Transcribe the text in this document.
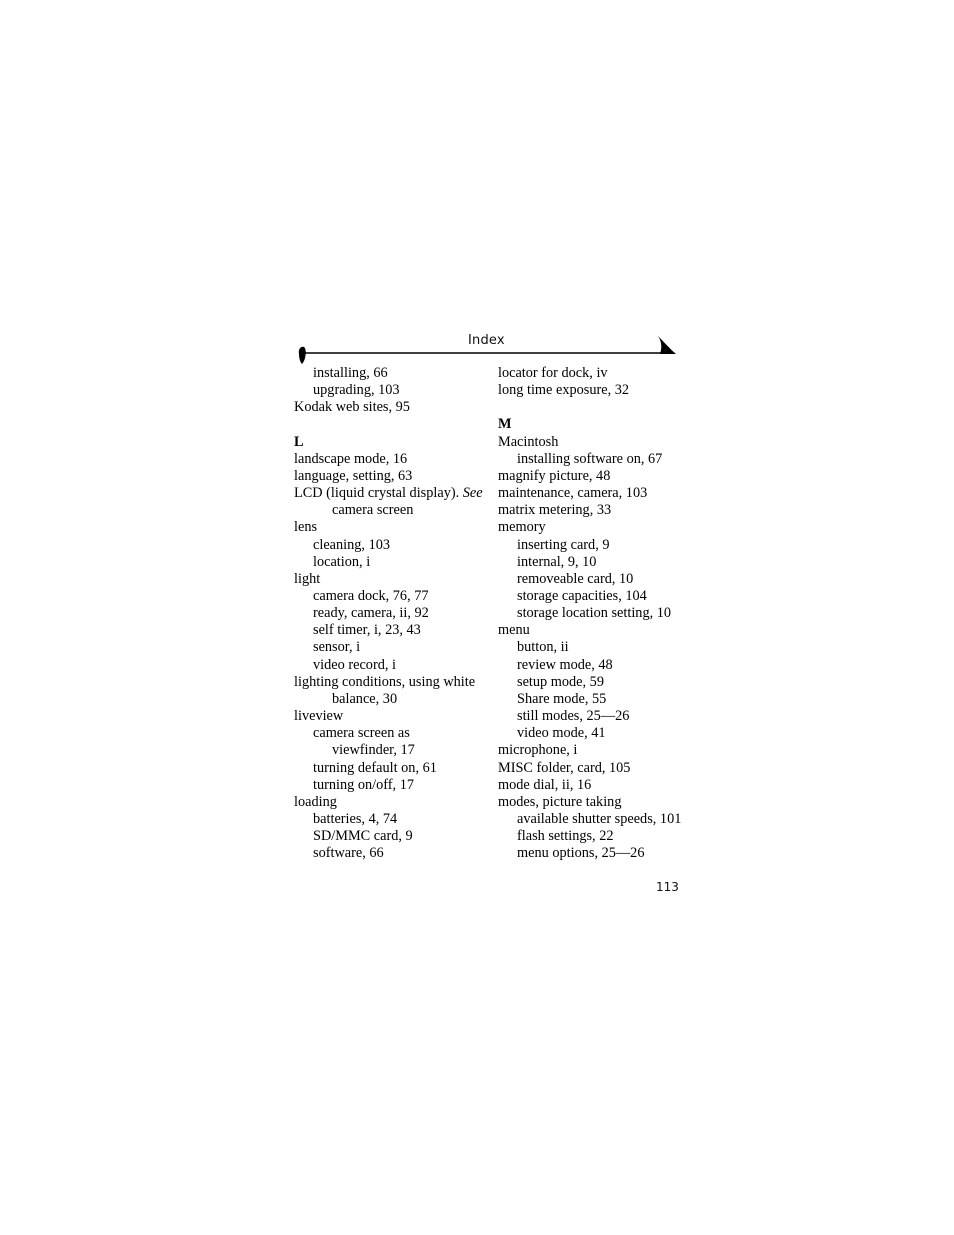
Index
installing, 66
upgrading, 103
Kodak web sites, 95
L
landscape mode, 16
language, setting, 63
LCD (liquid crystal display). See
camera screen
lens
cleaning, 103
location, i
light
camera dock, 76, 77
ready, camera, ii, 92
self timer, i, 23, 43
sensor, i
video record, i
lighting conditions, using white
balance, 30
liveview
camera screen as
viewfinder, 17
turning default on, 61
turning on/off, 17
loading
batteries, 4, 74
SD/MMC card, 9
software, 66
locator for dock, iv
long time exposure, 32
M
Macintosh
installing software on, 67
magnify picture, 48
maintenance, camera, 103
matrix metering, 33
memory
inserting card, 9
internal, 9, 10
removeable card, 10
storage capacities, 104
storage location setting, 10
menu
button, ii
review mode, 48
setup mode, 59
Share mode, 55
still modes, 25—26
video mode, 41
microphone, i
MISC folder, card, 105
mode dial, ii, 16
modes, picture taking
available shutter speeds, 101
flash settings, 22
menu options, 25—26
113
